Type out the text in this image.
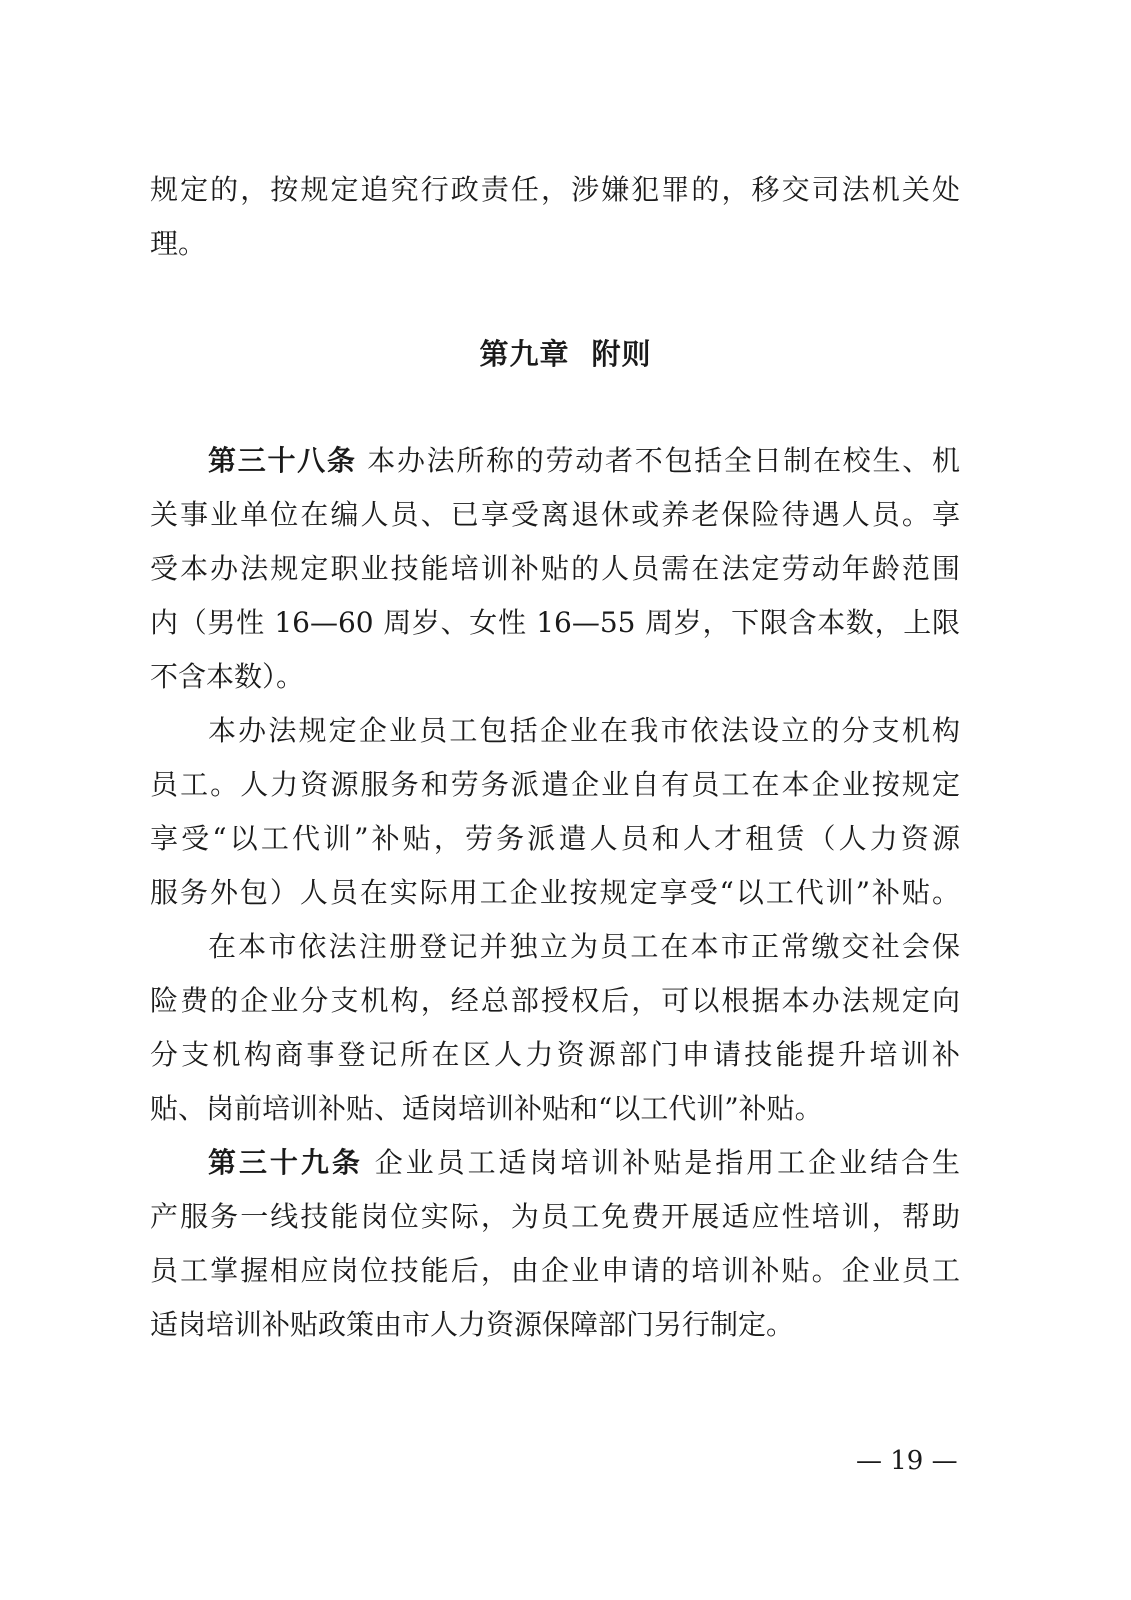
规定的，按规定追究行政责任，涉嫌犯罪的，移交司法机关处
理。
第九章 附则
第三十八条 本办法所称的劳动者不包括全日制在校生、机
关事业单位在编人员、已享受离退休或养老保险待遇人员。享
受本办法规定职业技能培训补贴的人员需在法定劳动年龄范围
内（男性 16—60 周岁、女性 16—55 周岁，下限含本数，上限
不含本数）。
本办法规定企业员工包括企业在我市依法设立的分支机构
员工。人力资源服务和劳务派遣企业自有员工在本企业按规定
享受“以工代训”补贴，劳务派遣人员和人才租赁（人力资源
服务外包）人员在实际用工企业按规定享受“以工代训”补贴。
在本市依法注册登记并独立为员工在本市正常缴交社会保
险费的企业分支机构，经总部授权后，可以根据本办法规定向
分支机构商事登记所在区人力资源部门申请技能提升培训补
贴、岗前培训补贴、适岗培训补贴和“以工代训”补贴。
第三十九条 企业员工适岗培训补贴是指用工企业结合生
产服务一线技能岗位实际，为员工免费开展适应性培训，帮助
员工掌握相应岗位技能后，由企业申请的培训补贴。企业员工
适岗培训补贴政策由市人力资源保障部门另行制定。
— 19 —
